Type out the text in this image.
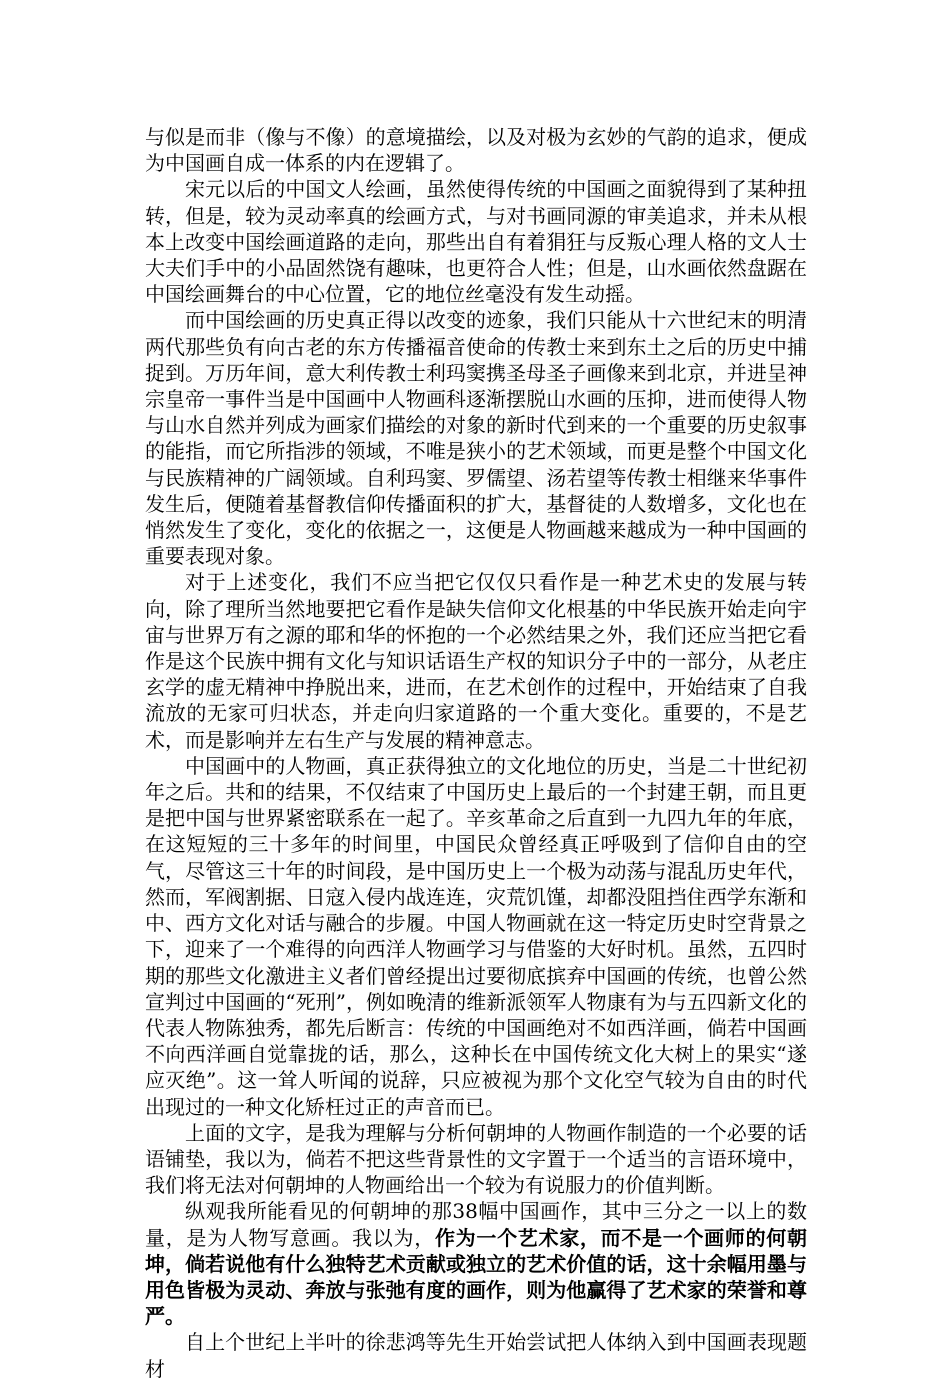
与似是而非（像与不像）的意境描绘，以及对极为玄妙的气韵的追求，便成为中国画自成一体系的内在逻辑了。

宋元以后的中国文人绘画，虽然使得传统的中国画之面貌得到了某种扭转，但是，较为灵动率真的绘画方式，与对书画同源的审美追求，并未从根本上改变中国绘画道路的走向，那些出自有着狷狂与反叛心理人格的文人士大夫们手中的小品固然饶有趣味，也更符合人性；但是，山水画依然盘踞在中国绘画舞台的中心位置，它的地位丝毫没有发生动摇。

而中国绘画的历史真正得以改变的迹象，我们只能从十六世纪末的明清两代那些负有向古老的东方传播福音使命的传教士来到东土之后的历史中捕捉到。万历年间，意大利传教士利玛窦携圣母圣子画像来到北京，并进呈神宗皇帝一事件当是中国画中人物画科逐渐摆脱山水画的压抑，进而使得人物与山水自然并列成为画家们描绘的对象的新时代到来的一个重要的历史叙事的能指，而它所指涉的领域，不唯是狭小的艺术领域，而更是整个中国文化与民族精神的广阔领域。自利玛窦、罗儒望、汤若望等传教士相继来华事件发生后，便随着基督教信仰传播面积的扩大，基督徒的人数增多，文化也在悄然发生了变化，变化的依据之一，这便是人物画越来越成为一种中国画的重要表现对象。

对于上述变化，我们不应当把它仅仅只看作是一种艺术史的发展与转向，除了理所当然地要把它看作是缺失信仰文化根基的中华民族开始走向宇宙与世界万有之源的耶和华的怀抱的一个必然结果之外，我们还应当把它看作是这个民族中拥有文化与知识话语生产权的知识分子中的一部分，从老庄玄学的虚无精神中挣脱出来，进而，在艺术创作的过程中，开始结束了自我流放的无家可归状态，并走向归家道路的一个重大变化。重要的，不是艺术，而是影响并左右生产与发展的精神意志。

中国画中的人物画，真正获得独立的文化地位的历史，当是二十世纪初年之后。共和的结果，不仅结束了中国历史上最后的一个封建王朝，而且更是把中国与世界紧密联系在一起了。辛亥革命之后直到一九四九年的年底，在这短短的三十多年的时间里，中国民众曾经真正呼吸到了信仰自由的空气，尽管这三十年的时间段，是中国历史上一个极为动荡与混乱历史年代，然而，军阀割据、日寇入侵内战连连，灾荒饥馑，却都没阻挡住西学东渐和中、西方文化对话与融合的步履。中国人物画就在这一特定历史时空背景之下，迎来了一个难得的向西洋人物画学习与借鉴的大好时机。虽然，五四时期的那些文化激进主义者们曾经提出过要彻底摈弃中国画的传统，也曾公然宣判过中国画的“死刑”，例如晚清的维新派领军人物康有为与五四新文化的代表人物陈独秀，都先后断言：传统的中国画绝对不如西洋画，倘若中国画不向西洋画自觉靠拢的话，那么，这种长在中国传统文化大树上的果实“遂应灭绝”。这一耸人听闻的说辞，只应被视为那个文化空气较为自由的时代出现过的一种文化矫枉过正的声音而已。

上面的文字，是我为理解与分析何朝坤的人物画作制造的一个必要的话语铺垫，我以为，倘若不把这些背景性的文字置于一个适当的言语环境中，我们将无法对何朝坤的人物画给出一个较为有说服力的价值判断。

纵观我所能看见的何朝坤的那38幅中国画作，其中三分之一以上的数量，是为人物写意画。我以为，作为一个艺术家，而不是一个画师的何朝坤，倘若说他有什么独特艺术贡献或独立的艺术价值的话，这十余幅用墨与用色皆极为灵动、奔放与张弛有度的画作，则为他赢得了艺术家的荣誉和尊严。

自上个世纪上半叶的徐悲鸿等先生开始尝试把人体纳入到中国画表现题材
